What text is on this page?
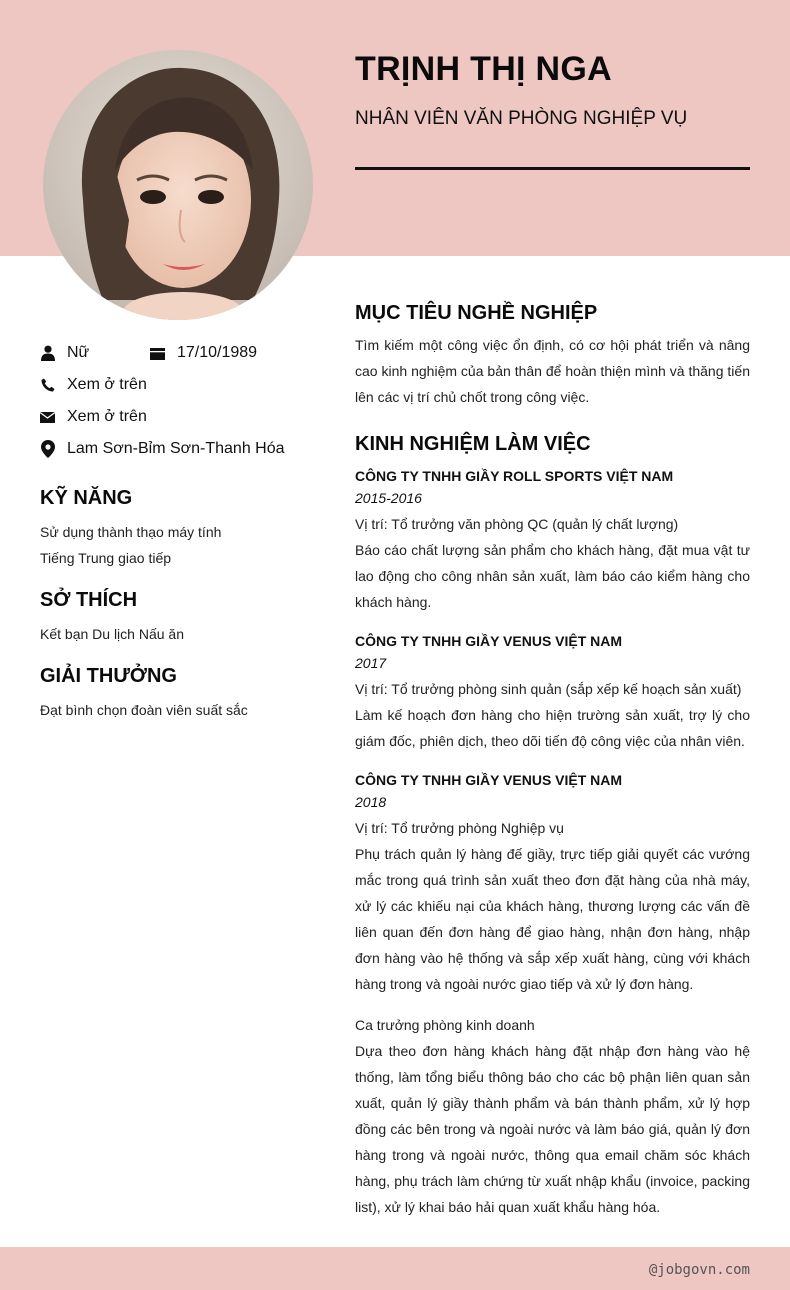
TRỊNH THỊ NGA
NHÂN VIÊN VĂN PHÒNG NGHIỆP VỤ
Nữ	17/10/1989
Xem ở trên
Xem ở trên
Lam Sơn-Bỉm Sơn-Thanh Hóa
KỸ NĂNG
Sử dụng thành thạo máy tính
Tiếng Trung giao tiếp
SỞ THÍCH
Kết bạn Du lịch Nấu ăn
GIẢI THƯỞNG
Đạt bình chọn đoàn viên suất sắc
MỤC TIÊU NGHỀ NGHIỆP
Tìm kiếm một công việc ổn định, có cơ hội phát triển và nâng cao kinh nghiệm của bản thân để hoàn thiện mình và thăng tiến lên các vị trí chủ chốt trong công việc.
KINH NGHIỆM LÀM VIỆC
CÔNG TY TNHH GIẦY ROLL SPORTS VIỆT NAM
2015-2016
Vị trí: Tổ trưởng văn phòng QC (quản lý chất lượng)
Báo cáo chất lượng sản phẩm cho khách hàng, đặt mua vật tư lao động cho công nhân sản xuất, làm báo cáo kiểm hàng cho khách hàng.
CÔNG TY TNHH GIẦY VENUS VIỆT NAM
2017
Vị trí: Tổ trưởng phòng sinh quản (sắp xếp kế hoạch sản xuất)
Làm kế hoạch đơn hàng cho hiện trường sản xuất, trợ lý cho giám đốc, phiên dịch, theo dõi tiến độ công việc của nhân viên.
CÔNG TY TNHH GIẦY VENUS VIỆT NAM
2018
Vị trí: Tổ trưởng phòng Nghiệp vụ
Phụ trách quản lý hàng đế giầy, trực tiếp giải quyết các vướng mắc trong quá trình sản xuất theo đơn đặt hàng của nhà máy, xử lý các khiếu nại của khách hàng, thương lượng các vấn đề liên quan đến đơn hàng để giao hàng, nhận đơn hàng, nhập đơn hàng vào hệ thống và sắp xếp xuất hàng, cùng với khách hàng trong và ngoài nước giao tiếp và xử lý đơn hàng.
Ca trưởng phòng kinh doanh
Dựa theo đơn hàng khách hàng đặt nhập đơn hàng vào hệ thống, làm tổng biểu thông báo cho các bộ phận liên quan sản xuất, quản lý giầy thành phẩm và bán thành phẩm, xử lý hợp đồng các bên trong và ngoài nước và làm báo giá, quản lý đơn hàng trong và ngoài nước, thông qua email chăm sóc khách hàng, phụ trách làm chứng từ xuất nhập khẩu (invoice, packing list), xử lý khai báo hải quan xuất khẩu hàng hóa.
@jobgovn.com
